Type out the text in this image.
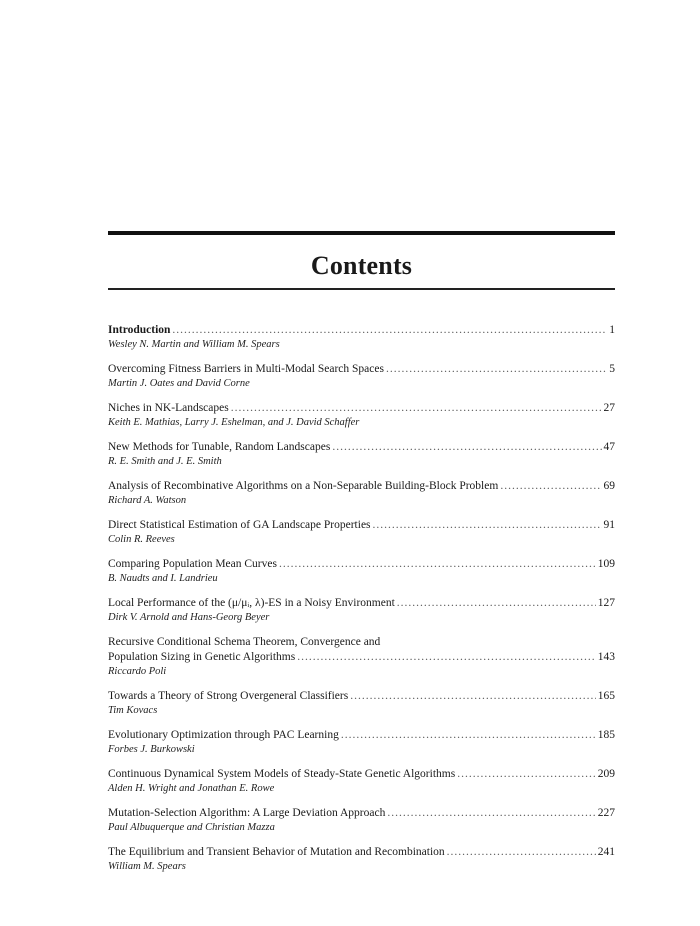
Contents
Introduction .....	1
Wesley N. Martin and William M. Spears
Overcoming Fitness Barriers in Multi-Modal Search Spaces .....	5
Martin J. Oates and David Corne
Niches in NK-Landscapes .....	27
Keith E. Mathias, Larry J. Eshelman, and J. David Schaffer
New Methods for Tunable, Random Landscapes .....	47
R. E. Smith and J. E. Smith
Analysis of Recombinative Algorithms on a Non-Separable Building-Block Problem .....	69
Richard A. Watson
Direct Statistical Estimation of GA Landscape Properties .....	91
Colin R. Reeves
Comparing Population Mean Curves .....	109
B. Naudts and I. Landrieu
Local Performance of the (μ/μᵢ, λ)-ES in a Noisy Environment .....	127
Dirk V. Arnold and Hans-Georg Beyer
Recursive Conditional Schema Theorem, Convergence and
Population Sizing in Genetic Algorithms .....	143
Riccardo Poli
Towards a Theory of Strong Overgeneral Classifiers .....	165
Tim Kovacs
Evolutionary Optimization through PAC Learning .....	185
Forbes J. Burkowski
Continuous Dynamical System Models of Steady-State Genetic Algorithms .....	209
Alden H. Wright and Jonathan E. Rowe
Mutation-Selection Algorithm: A Large Deviation Approach .....	227
Paul Albuquerque and Christian Mazza
The Equilibrium and Transient Behavior of Mutation and Recombination .....	241
William M. Spears
